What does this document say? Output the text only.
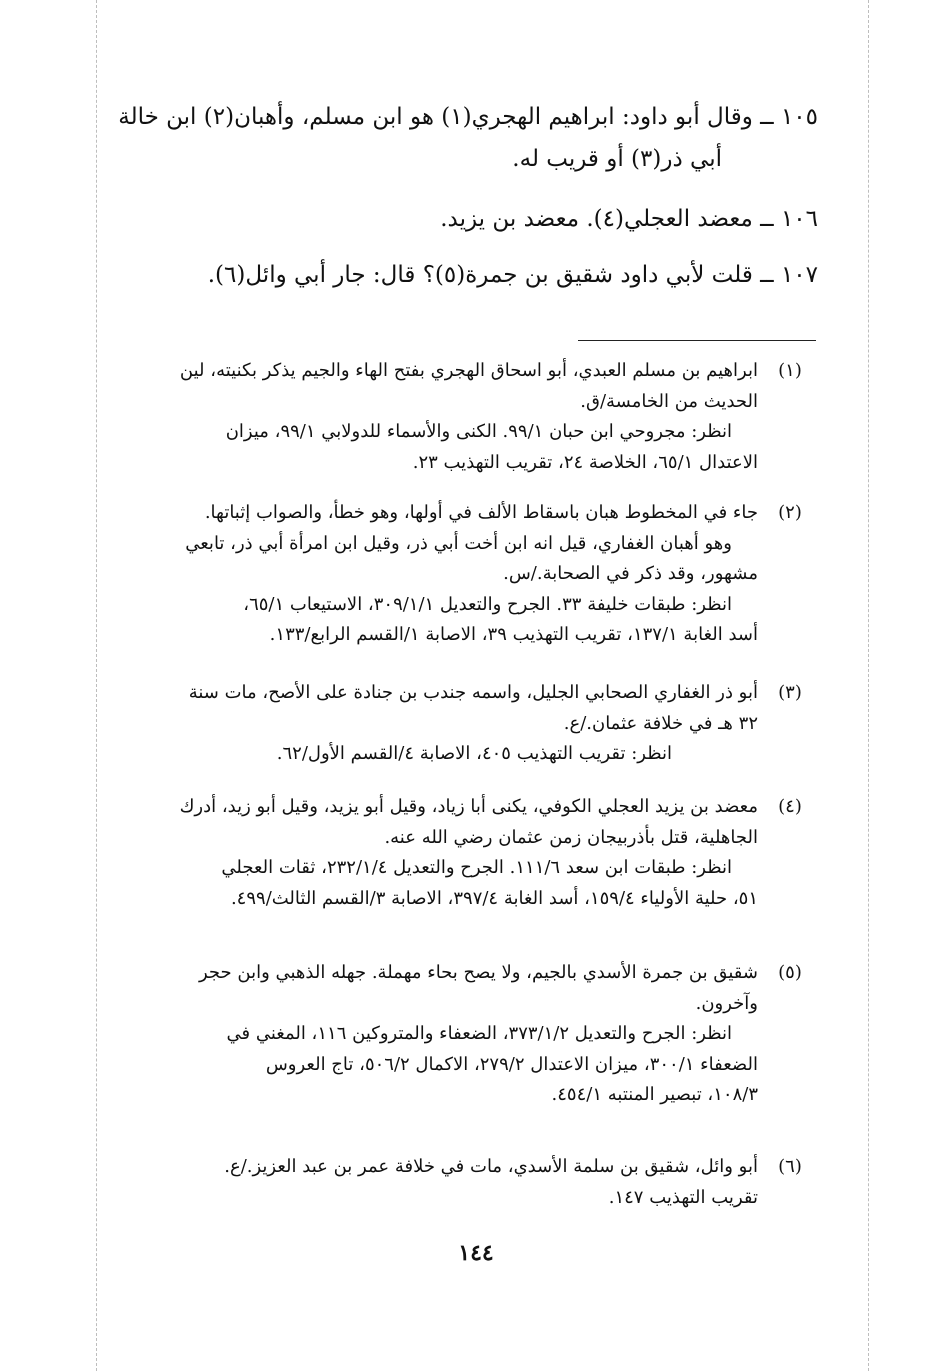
١٠٥ ــ وقال أبو داود: ابراهيم الهجري(١) هو ابن مسلم، وأهبان(٢) ابن خالة
أبي ذر(٣) أو قريب له.
١٠٦ ــ معضد العجلي(٤). معضد بن يزيد.
١٠٧ ــ قلت لأبي داود شقيق بن جمرة(٥)؟ قال: جار أبي وائل(٦).
(١)
ابراهيم بن مسلم العبدي، أبو اسحاق الهجري بفتح الهاء والجيم يذكر بكنيته، لين
الحديث من الخامسة/ق.
انظر: مجروحي ابن حبان ٩٩/١. الكنى والأسماء للدولابي ٩٩/١، ميزان
الاعتدال ٦٥/١، الخلاصة ٢٤، تقريب التهذيب ٢٣.
(٢)
جاء في المخطوط هبان باسقاط الألف في أولها، وهو خطأ، والصواب إثباتها.
وهو أهبان الغفاري، قيل انه ابن أخت أبي ذر، وقيل ابن امرأة أبي ذر، تابعي
مشهور، وقد ذكر في الصحابة./س.
انظر: طبقات خليفة ٣٣. الجرح والتعديل ٣٠٩/١/١، الاستيعاب ٦٥/١،
أسد الغابة ١٣٧/١، تقريب التهذيب ٣٩، الاصابة ١/القسم الرابع/١٣٣.
(٣)
أبو ذر الغفاري الصحابي الجليل، واسمه جندب بن جنادة على الأصح، مات سنة
٣٢ هـ في خلافة عثمان./ع.
انظر: تقريب التهذيب ٤٠٥، الاصابة ٤/القسم الأول/٦٢.
(٤)
معضد بن يزيد العجلي الكوفي، يكنى أبا زياد، وقيل أبو يزيد، وقيل أبو زيد، أدرك
الجاهلية، قتل بأذربيجان زمن عثمان رضي الله عنه.
انظر: طبقات ابن سعد ١١١/٦. الجرح والتعديل ٢٣٢/١/٤، ثقات العجلي
٥١، حلية الأولياء ١٥٩/٤، أسد الغابة ٣٩٧/٤، الاصابة ٣/القسم الثالث/٤٩٩.
(٥)
شقيق بن جمرة الأسدي بالجيم، ولا يصح بحاء مهملة. جهله الذهبي وابن حجر
وآخرون.
انظر: الجرح والتعديل ٣٧٣/١/٢، الضعفاء والمتروكين ١١٦، المغني في
الضعفاء ٣٠٠/١، ميزان الاعتدال ٢٧٩/٢، الاكمال ٥٠٦/٢، تاج العروس
١٠٨/٣، تبصير المنتبه ٤٥٤/١.
(٦)
أبو وائل، شقيق بن سلمة الأسدي، مات في خلافة عمر بن عبد العزيز./ع.
تقريب التهذيب ١٤٧.
١٤٤
